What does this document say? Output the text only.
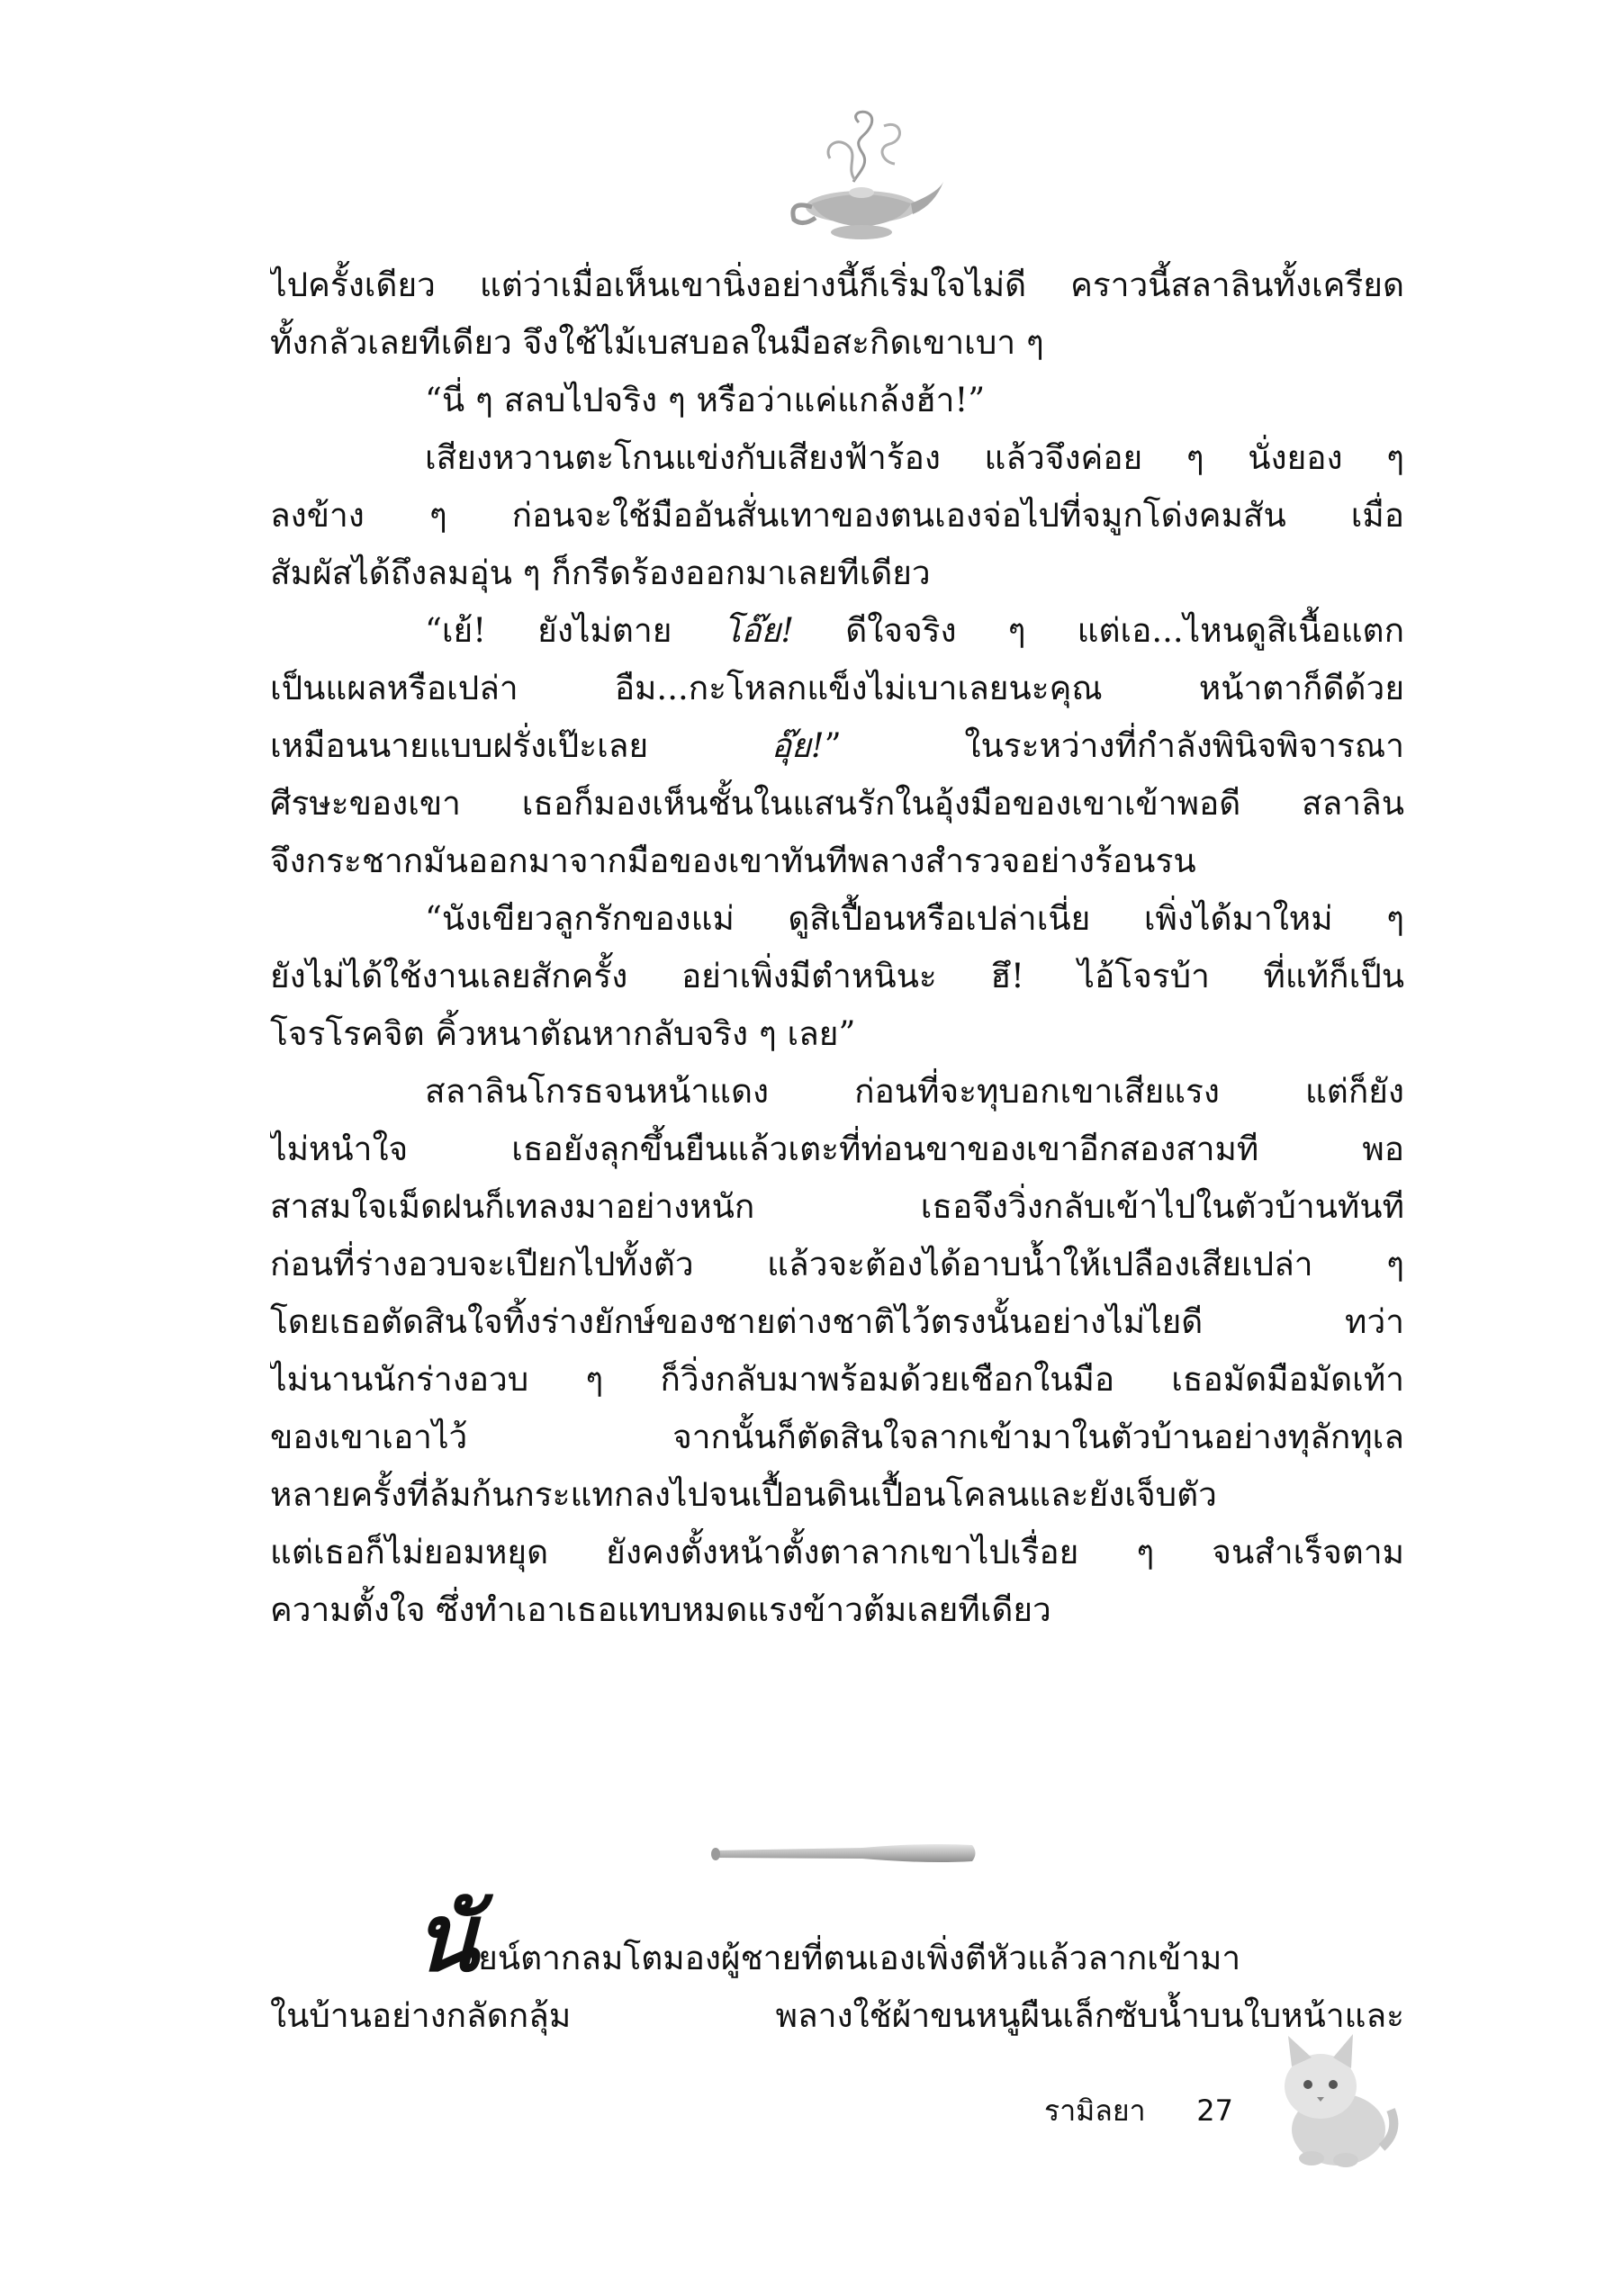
ไปครั้งเดียว แต่ว่าเมื่อเห็นเขานิ่งอย่างนี้ก็เริ่มใจไม่ดี คราวนี้สลาลินทั้งเครียด
ทั้งกลัวเลยทีเดียว จึงใช้ไม้เบสบอลในมือสะกิดเขาเบา ๆ
“นี่ ๆ สลบไปจริง ๆ หรือว่าแค่แกล้งฮ้า!”
เสียงหวานตะโกนแข่งกับเสียงฟ้าร้อง แล้วจึงค่อย ๆ นั่งยอง ๆ
ลงข้าง ๆ ก่อนจะใช้มืออันสั่นเทาของตนเองจ่อไปที่จมูกโด่งคมสัน เมื่อ
สัมผัสได้ถึงลมอุ่น ๆ ก็กรีดร้องออกมาเลยทีเดียว
“เย้! ยังไม่ตาย โอ๊ย! ดีใจจริง ๆ แต่เอ...ไหนดูสิเนื้อแตก
เป็นแผลหรือเปล่า อืม...กะโหลกแข็งไม่เบาเลยนะคุณ หน้าตาก็ดีด้วย
เหมือนนายแบบฝรั่งเป๊ะเลย อุ๊ย!” ในระหว่างที่กำลังพินิจพิจารณา
ศีรษะของเขา เธอก็มองเห็นชั้นในแสนรักในอุ้งมือของเขาเข้าพอดี สลาลิน
จึงกระชากมันออกมาจากมือของเขาทันทีพลางสำรวจอย่างร้อนรน
“นังเขียวลูกรักของแม่ ดูสิเปื้อนหรือเปล่าเนี่ย เพิ่งได้มาใหม่ ๆ
ยังไม่ได้ใช้งานเลยสักครั้ง อย่าเพิ่งมีตำหนินะ ฮึ! ไอ้โจรบ้า ที่แท้ก็เป็น
โจรโรคจิต คิ้วหนาตัณหากลับจริง ๆ เลย”
สลาลินโกรธจนหน้าแดง ก่อนที่จะทุบอกเขาเสียแรง แต่ก็ยัง
ไม่หนำใจ เธอยังลุกขึ้นยืนแล้วเตะที่ท่อนขาของเขาอีกสองสามที พอ
สาสมใจเม็ดฝนก็เทลงมาอย่างหนัก เธอจึงวิ่งกลับเข้าไปในตัวบ้านทันที
ก่อนที่ร่างอวบจะเปียกไปทั้งตัว แล้วจะต้องได้อาบน้ำให้เปลืองเสียเปล่า ๆ
โดยเธอตัดสินใจทิ้งร่างยักษ์ของชายต่างชาติไว้ตรงนั้นอย่างไม่ไยดี ทว่า
ไม่นานนักร่างอวบ ๆ ก็วิ่งกลับมาพร้อมด้วยเชือกในมือ เธอมัดมือมัดเท้า
ของเขาเอาไว้ จากนั้นก็ตัดสินใจลากเข้ามาในตัวบ้านอย่างทุลักทุเล
หลายครั้งที่ล้มก้นกระแทกลงไปจนเปื้อนดินเปื้อนโคลนและยังเจ็บตัว
แต่เธอก็ไม่ยอมหยุด ยังคงตั้งหน้าตั้งตาลากเขาไปเรื่อย ๆ จนสำเร็จตาม
ความตั้งใจ ซึ่งทำเอาเธอแทบหมดแรงข้าวต้มเลยทีเดียว
นัยน์ตากลมโตมองผู้ชายที่ตนเองเพิ่งตีหัวแล้วลากเข้ามา
ในบ้านอย่างกลัดกลุ้ม พลางใช้ผ้าขนหนูผืนเล็กซับน้ำบนใบหน้าและ
รามิลยา 27
